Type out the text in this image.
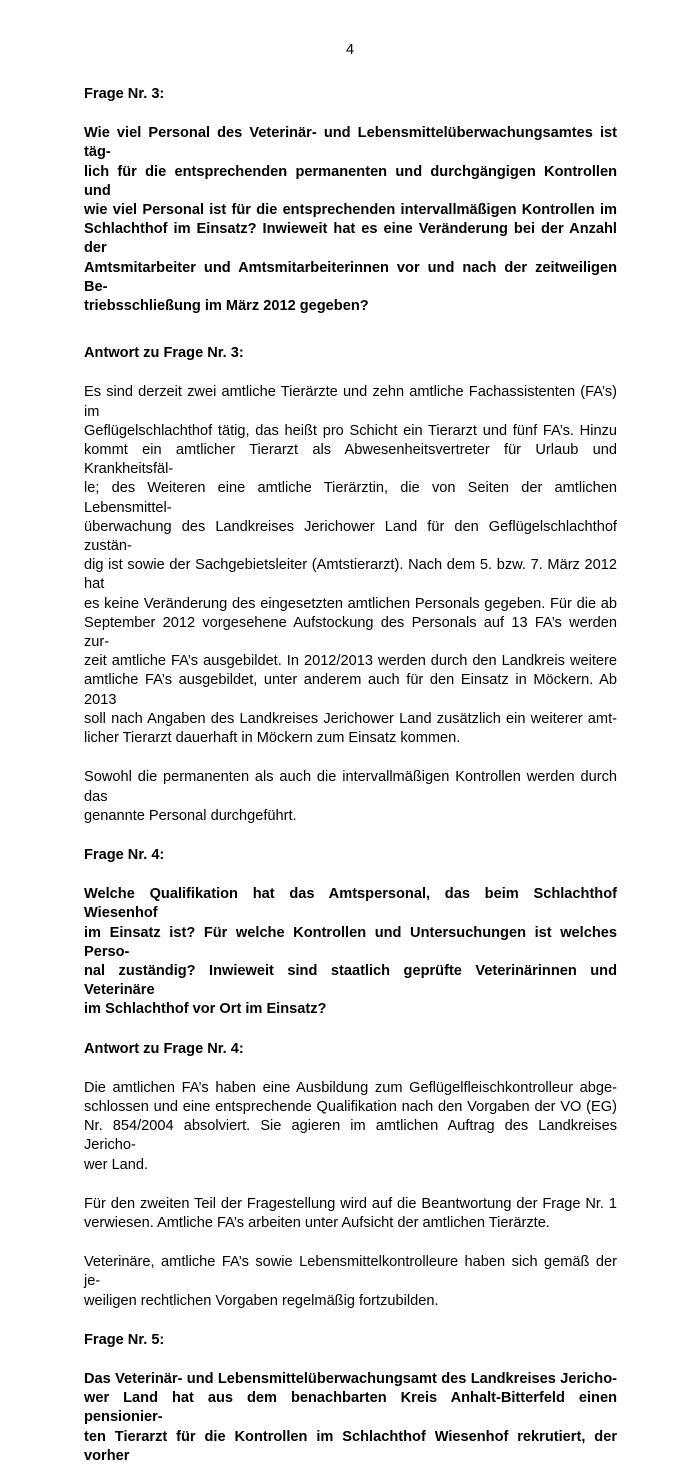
4

Frage Nr. 3:

Wie viel Personal des Veterinär- und Lebensmittelüberwachungsamtes ist täg-
lich für die entsprechenden permanenten und durchgängigen Kontrollen und
wie viel Personal ist für die entsprechenden intervallmäßigen Kontrollen im
Schlachthof im Einsatz? Inwieweit hat es eine Veränderung bei der Anzahl der
Amtsmitarbeiter und Amtsmitarbeiterinnen vor und nach der zeitweiligen Be-
triebsschließung im März 2012 gegeben?

Antwort zu Frage Nr. 3:

Es sind derzeit zwei amtliche Tierärzte und zehn amtliche Fachassistenten (FA’s) im
Geflügelschlachthof tätig, das heißt pro Schicht ein Tierarzt und fünf FA’s. Hinzu
kommt ein amtlicher Tierarzt als Abwesenheitsvertreter für Urlaub und Krankheitsfäl-
le; des Weiteren eine amtliche Tierärztin, die von Seiten der amtlichen Lebensmittel-
überwachung des Landkreises Jerichower Land für den Geflügelschlachthof zustän-
dig ist sowie der Sachgebietsleiter (Amtstierarzt). Nach dem 5. bzw. 7. März 2012 hat
es keine Veränderung des eingesetzten amtlichen Personals gegeben. Für die ab
September 2012 vorgesehene Aufstockung des Personals auf 13 FA’s werden zur-
zeit amtliche FA’s ausgebildet. In 2012/2013 werden durch den Landkreis weitere
amtliche FA’s ausgebildet, unter anderem auch für den Einsatz in Möckern. Ab 2013
soll nach Angaben des Landkreises Jerichower Land zusätzlich ein weiterer amt-
licher Tierarzt dauerhaft in Möckern zum Einsatz kommen.

Sowohl die permanenten als auch die intervallmäßigen Kontrollen werden durch das
genannte Personal durchgeführt.

Frage Nr. 4:

Welche Qualifikation hat das Amtspersonal, das beim Schlachthof Wiesenhof
im Einsatz ist? Für welche Kontrollen und Untersuchungen ist welches Perso-
nal zuständig? Inwieweit sind staatlich geprüfte Veterinärinnen und Veterinäre
im Schlachthof vor Ort im Einsatz?

Antwort zu Frage Nr. 4:

Die amtlichen FA’s haben eine Ausbildung zum Geflügelfleischkontrolleur abge-
schlossen und eine entsprechende Qualifikation nach den Vorgaben der VO (EG)
Nr. 854/2004 absolviert. Sie agieren im amtlichen Auftrag des Landkreises Jericho-
wer Land.

Für den zweiten Teil der Fragestellung wird auf die Beantwortung der Frage Nr. 1
verwiesen. Amtliche FA’s arbeiten unter Aufsicht der amtlichen Tierärzte.

Veterinäre, amtliche FA’s sowie Lebensmittelkontrolleure haben sich gemäß der je-
weiligen rechtlichen Vorgaben regelmäßig fortzubilden.

Frage Nr. 5:

Das Veterinär- und Lebensmittelüberwachungsamt des Landkreises Jericho-
wer Land hat aus dem benachbarten Kreis Anhalt-Bitterfeld einen pensionier-
ten Tierarzt für die Kontrollen im Schlachthof Wiesenhof rekrutiert, der vorher
